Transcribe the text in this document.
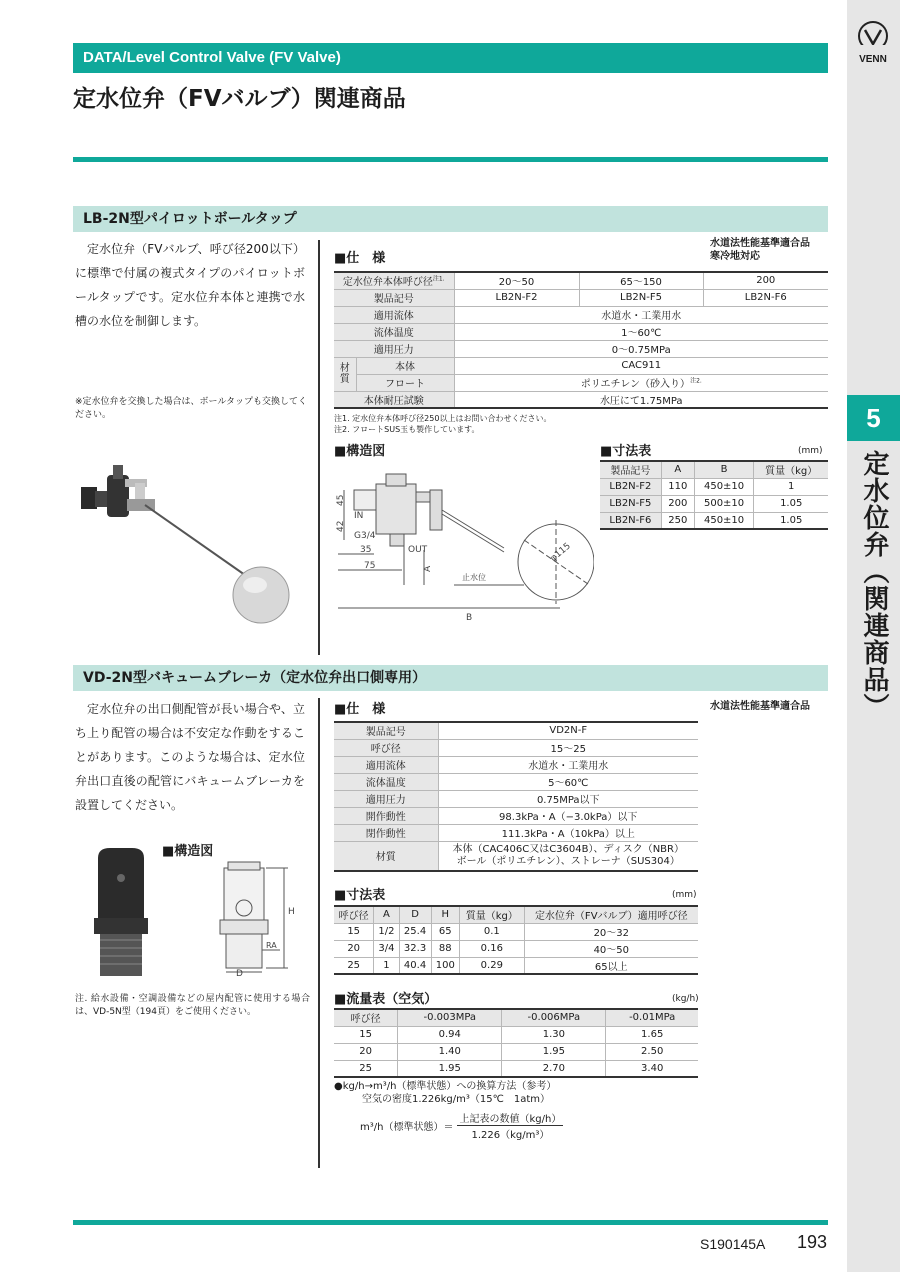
VENN
5
定水位弁（関連商品）
DATA/Level Control Valve (FV Valve)
定水位弁（FVバルブ）関連商品
LB-2N型パイロットボールタップ
定水位弁（FVバルブ、呼び径200以下）に標準で付属の複式タイプのパイロットボールタップです。定水位弁本体と連携で水槽の水位を制御します。
※定水位弁を交換した場合は、ボールタップも交換してください。
■仕　様
水道法性能基準適合品
寒冷地対応
定水位弁本体呼び径$^{注1.}$		20〜50	65〜150	200
製品記号		LB2N-F2	LB2N-F5	LB2N-F6
適用流体		水道水・工業用水		
流体温度		1〜60℃		
適用圧力		0〜0.75MPa		
材質	本体	CAC911		
	フロート	ポリエチレン（砂入り）$^{注2.}$
本体耐圧試験		水圧にて1.75MPa		
注1. 定水位弁本体呼び径250以上はお問い合わせください。
注2. フロートSUS玉も製作しています。
■構造図
45
42
IN
G3/4
35	OUT
75	A
φ115
止水位
B
■寸法表	(mm)
製品記号	A	B	質量（kg）
LB2N-F2	110	450±10	1
LB2N-F5	200	500±10	1.05
LB2N-F6	250	450±10	1.05
VD-2N型バキュームブレーカ（定水位弁出口側専用）
定水位弁の出口側配管が長い場合や、立ち上り配管の場合は不安定な作動をすることがあります。このような場合は、定水位弁出口直後の配管にバキュームブレーカを設置してください。
■構造図
H
RA
D
注. 給水設備・空調設備などの屋内配管に使用する場合は、VD-5N型（194頁）をご使用ください。
■仕　様	水道法性能基準適合品
製品記号	VD2N-F
呼び径	15〜25
適用流体	水道水・工業用水
流体温度	5〜60℃
適用圧力	0.75MPa以下
開作動性	98.3kPa・A（−3.0kPa）以下
閉作動性	111.3kPa・A（10kPa）以上
材質	本体（CAC406C又はC3604B）、ディスク（NBR）
ボール（ポリエチレン）、ストレーナ（SUS304）
■寸法表	(mm)
呼び径	A	D	H	質量（kg）	定水位弁（FVバルブ）適用呼び径
15	1/2	25.4	65	0.1	20〜32
20	3/4	32.3	88	0.16	40〜50
25	1	40.4	100	0.29	65以上
■流量表（空気）	(kg/h)
呼び径	-0.003MPa	-0.006MPa	-0.01MPa
15	0.94	1.30	1.65
20	1.40	1.95	2.50
25	1.95	2.70	3.40
●kg/h→m³/h（標準状態）への換算方法（参考）
空気の密度1.226kg/m³（15℃　1atm）
m³/h（標準状態）＝
上記表の数値（kg/h）
1.226（kg/m³）
S190145A 193
